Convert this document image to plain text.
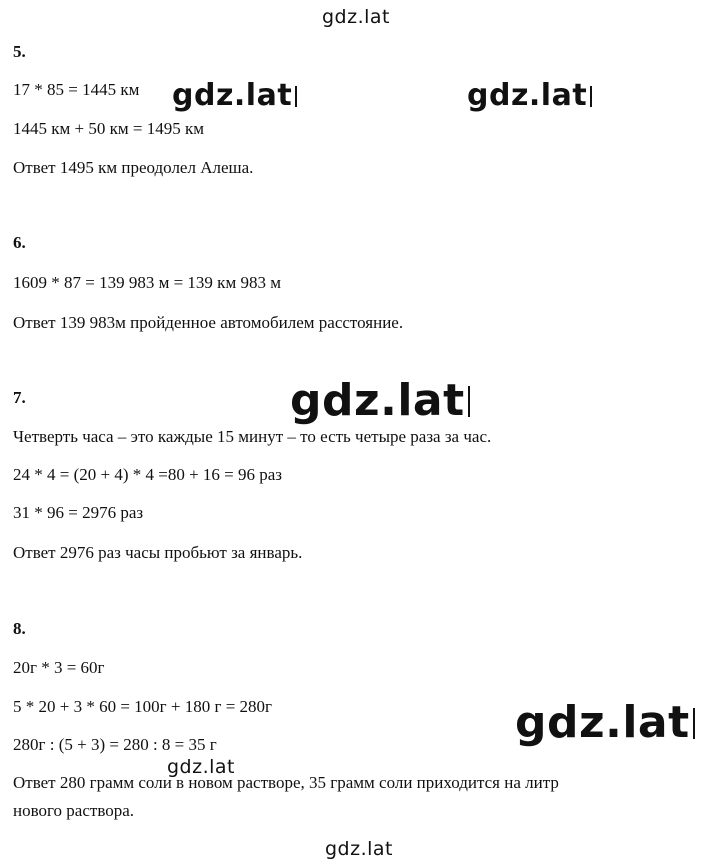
gdz.lat
gdz.lat	gdz.lat
5.
17 * 85 = 1445 км
1445 км + 50 км = 1495 км
Ответ 1495 км преодолел Алеша.
6.
1609 * 87 = 139 983 м = 139 км 983 м
Ответ 139 983м пройденное автомобилем расстояние.
7.	gdz.lat
Четверть часа – это каждые 15 минут – то есть четыре раза за час.
24 * 4 = (20 + 4) * 4 =80 + 16 = 96 раз
31 * 96 = 2976 раз
Ответ 2976 раз часы пробьют за январь.
8.
20г * 3 = 60г
5 * 20 + 3 * 60 = 100г + 180 г = 280г	gdz.lat
280г : (5 + 3) = 280 : 8 = 35 г
gdz.lat
Ответ 280 грамм соли в новом растворе, 35 грамм соли приходится на литр
нового раствора.
gdz.lat
